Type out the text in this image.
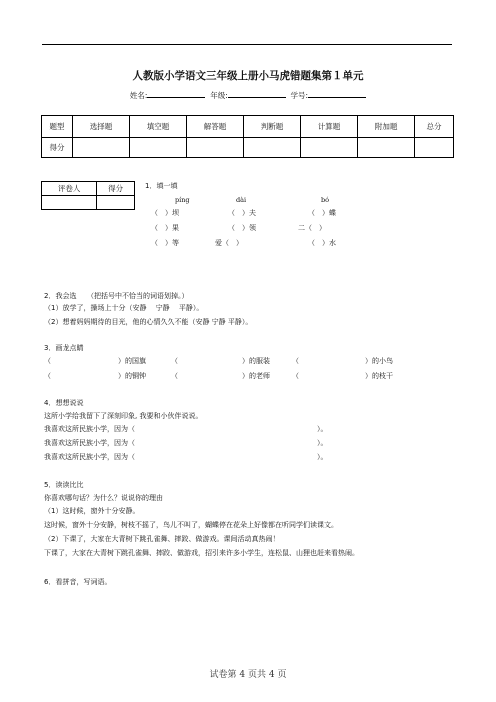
人教版小学语文三年级上册小马虎错题集第１单元
姓名:	年级:	学号:
题型	选择题	填空题	解答题	判断题	计算题	附加题	总分
得分							
评卷人	得分
		1．填一填
píng	dài	bó
（　）坝	（　）夫	（　）蝶
（　）果	（　）领	二（　）
（　）等	爱（　）	（　）水
2．我会选　　（把括号中不恰当的词语划掉。）
（1）放学了，操场上十分（安静　 宁静　 平静）。
（2）想着妈妈期待的目光，他的心情久久不能（安静 宁静 平静）。
3．画龙点睛
（	）的国旗	（	）的服装	（	）的小鸟
（	）的铜钟	（	）的老师	（	）的枝干
4．想想说说
这所小学给我留下了深刻印象, 我要和小伙伴说说。
我喜欢这所民族小学，因为（	）。
我喜欢这所民族小学，因为（	）。
我喜欢这所民族小学，因为（	）。
5．读读比比
你喜欢哪句话？为什么？说说你的理由
（1）这时候，窗外十分安静。
这时候，窗外十分安静，树枝不摇了，鸟儿不叫了，蝴蝶停在花朵上好像都在听同学们读课文。
（2）下课了，大家在大青树下跳孔雀舞、摔跤、做游戏。课间活动真热闹！
下课了，大家在大青树下跳孔雀舞、摔跤、做游戏，招引来许多小学生，连松鼠、山狸也赶来看热闹。
6．看拼音，写词语。
试卷第 4 页共 4 页
